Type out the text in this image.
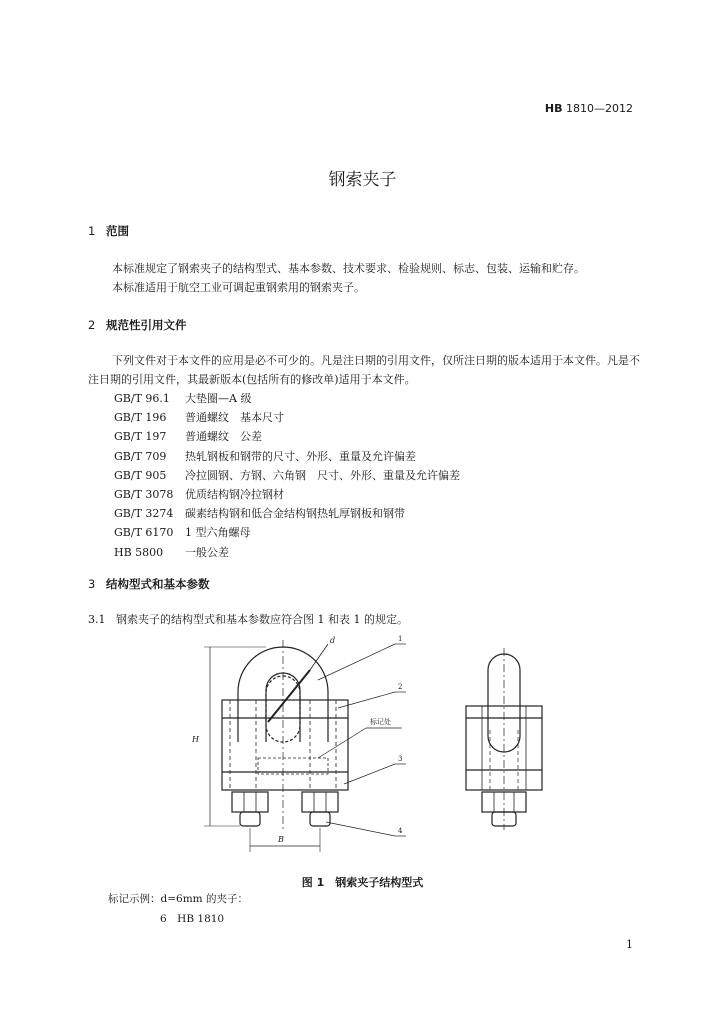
HB 1810—2012
钢索夹子
1 范围

本标准规定了钢索夹子的结构型式、基本参数、技术要求、检验规则、标志、包装、运输和贮存。

本标准适用于航空工业可调起重钢索用的钢索夹子。

2 规范性引用文件

下列文件对于本文件的应用是必不可少的。凡是注日期的引用文件，仅所注日期的版本适用于本文件。凡是不注日期的引用文件，其最新版本(包括所有的修改单)适用于本文件。

GB/T 96.1　 大垫圈—A 级
GB/T 196　 普通螺纹　基本尺寸
GB/T 197　 普通螺纹　公差
GB/T 709　 热轧钢板和钢带的尺寸、外形、重量及允许偏差
GB/T 905　 冷拉圆钢、方钢、六角钢　尺寸、外形、重量及允许偏差
GB/T 3078　 优质结构钢冷拉钢材
GB/T 3274　 碳素结构钢和低合金结构钢热轧厚钢板和钢带
GB/T 6170　 1 型六角螺母
HB 5800　 一般公差
3 结构型式和基本参数
3.1 钢索夹子的结构型式和基本参数应符合图 1 和表 1 的规定。
d
H
B
1
2
标记处
3
4
图 1　钢索夹子结构型式
标记示例：d=6mm 的夹子：
6　HB 1810
1
